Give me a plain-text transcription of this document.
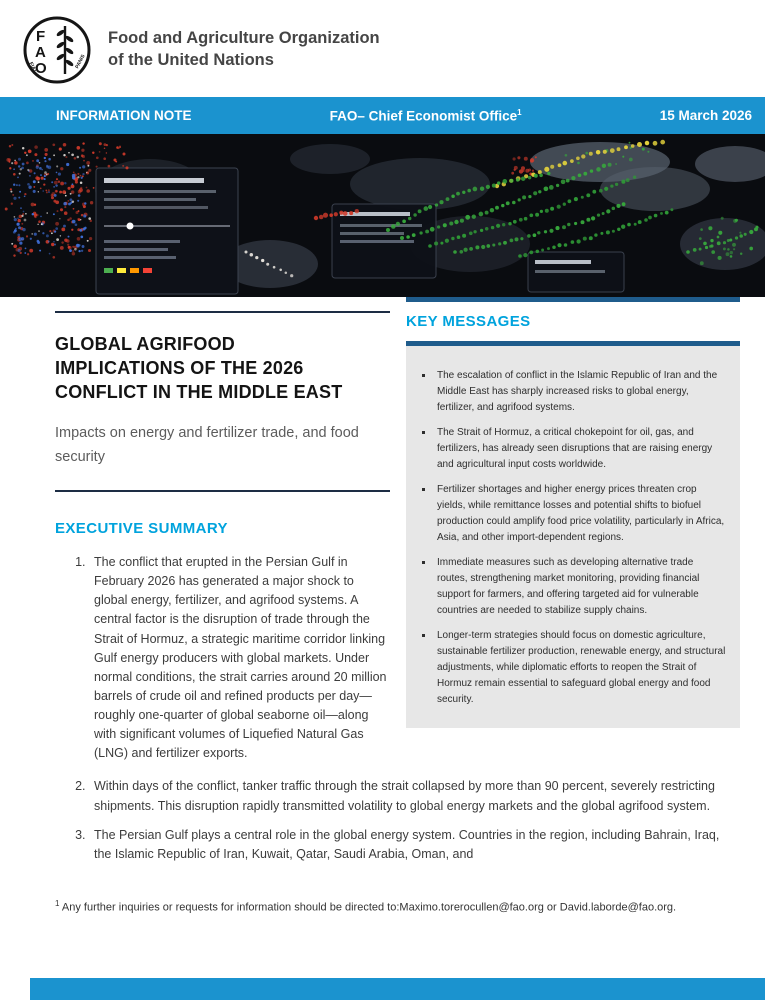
F
A
O
FIAT	PANIS
Food and Agriculture Organization
of the United Nations
INFORMATION NOTE	FAO– Chief Economist Office$^1$	15 March 2026
GLOBAL AGRIFOOD IMPLICATIONS OF THE 2026 CONFLICT IN THE MIDDLE EAST

Impacts on energy and fertilizer trade, and food security

EXECUTIVE SUMMARY
1. The conflict that erupted in the Persian Gulf in February 2026 has generated a major shock to global energy, fertilizer, and agrifood systems. A central factor is the disruption of trade through the Strait of Hormuz, a strategic maritime corridor linking Gulf energy producers with global markets. Under normal conditions, the strait carries around 20 million barrels of crude oil and refined products per day—roughly one-quarter of global seaborne oil—along with significant volumes of Liquefied Natural Gas (LNG) and fertilizer exports.
KEY MESSAGES
▪ The escalation of conflict in the Islamic Republic of Iran and the Middle East has sharply increased risks to global energy, fertilizer, and agrifood systems.
▪ The Strait of Hormuz, a critical chokepoint for oil, gas, and fertilizers, has already seen disruptions that are raising energy and agricultural input costs worldwide.
▪ Fertilizer shortages and higher energy prices threaten crop yields, while remittance losses and potential shifts to biofuel production could amplify food price volatility, particularly in Africa, Asia, and other import-dependent regions.
▪ Immediate measures such as developing alternative trade routes, strengthening market monitoring, providing financial support for farmers, and offering targeted aid for vulnerable countries are needed to stabilize supply chains.
▪ Longer-term strategies should focus on domestic agriculture, sustainable fertilizer production, renewable energy, and structural adjustments, while diplomatic efforts to reopen the Strait of Hormuz remain essential to safeguard global energy and food security.
2. Within days of the conflict, tanker traffic through the strait collapsed by more than 90 percent, severely restricting shipments. This disruption rapidly transmitted volatility to global energy markets and the global agrifood system.
3. The Persian Gulf plays a central role in the global energy system. Countries in the region, including Bahrain, Iraq, the Islamic Republic of Iran, Kuwait, Qatar, Saudi Arabia, Oman, and
$^1$ Any further inquiries or requests for information should be directed to:Maximo.torerocullen@fao.org or David.laborde@fao.org.
